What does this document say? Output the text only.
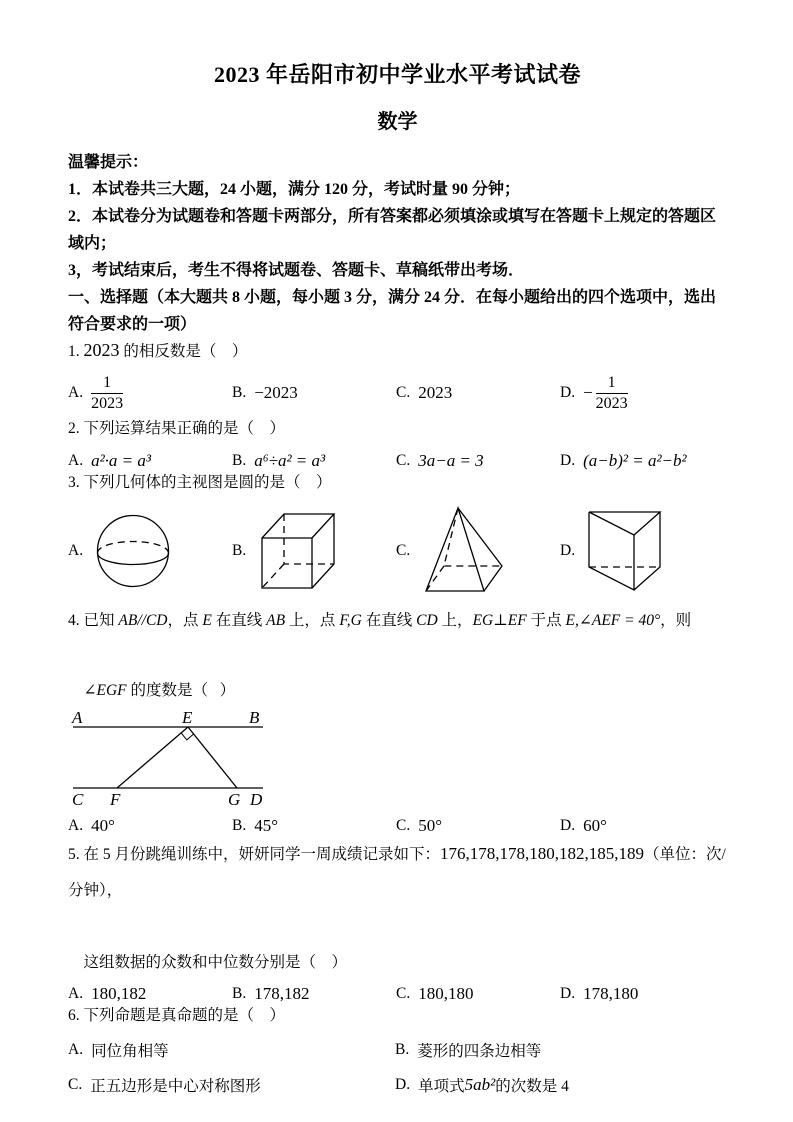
2023 年岳阳市初中学业水平考试试卷
数学

温馨提示：

1．本试卷共三大题，24 小题，满分 120 分，考试时量 90 分钟；

2．本试卷分为试题卷和答题卡两部分，所有答案都必须填涂或填写在答题卡上规定的答题区

域内；

3，考试结束后，考生不得将试题卷、答题卡、草稿纸带出考场．

一、选择题（本大题共 8 小题，每小题 3 分，满分 24 分．在每小题给出的四个选项中，选出

符合要求的一项）

1. 2023 的相反数是（    ）

A. $\frac{1}{2023}$	B. −2023	C. 2023	D. − $\frac{1}{2023}$

2. 下列运算结果正确的是（    ）

A. a²·a = a³	B. a⁶÷a² = a³	C. 3a−a = 3	D. (a−b)² = a²−b²

3. 下列几何体的主视图是圆的是（    ）

A.	B.	C.	D.

4. 已知 AB//CD，点 E 在直线 AB 上，点 F,G 在直线 CD 上，EG⊥EF 于点 E,∠AEF = 40°，则

∠EGF 的度数是（   ）

A	E	B
C F	G D
A. 40°	B. 45°	C. 50°	D. 60°

5. 在 5 月份跳绳训练中，妍妍同学一周成绩记录如下：176,178,178,180,182,185,189（单位：次/分钟），

这组数据的众数和中位数分别是（    ）

A. 180,182	B. 178,182	C. 180,180	D. 178,180

6. 下列命题是真命题的是（    ）

A. 同位角相等	B. 菱形的四条边相等
C. 正五边形是中心对称图形	D. 单项式 5ab² 的次数是 4
